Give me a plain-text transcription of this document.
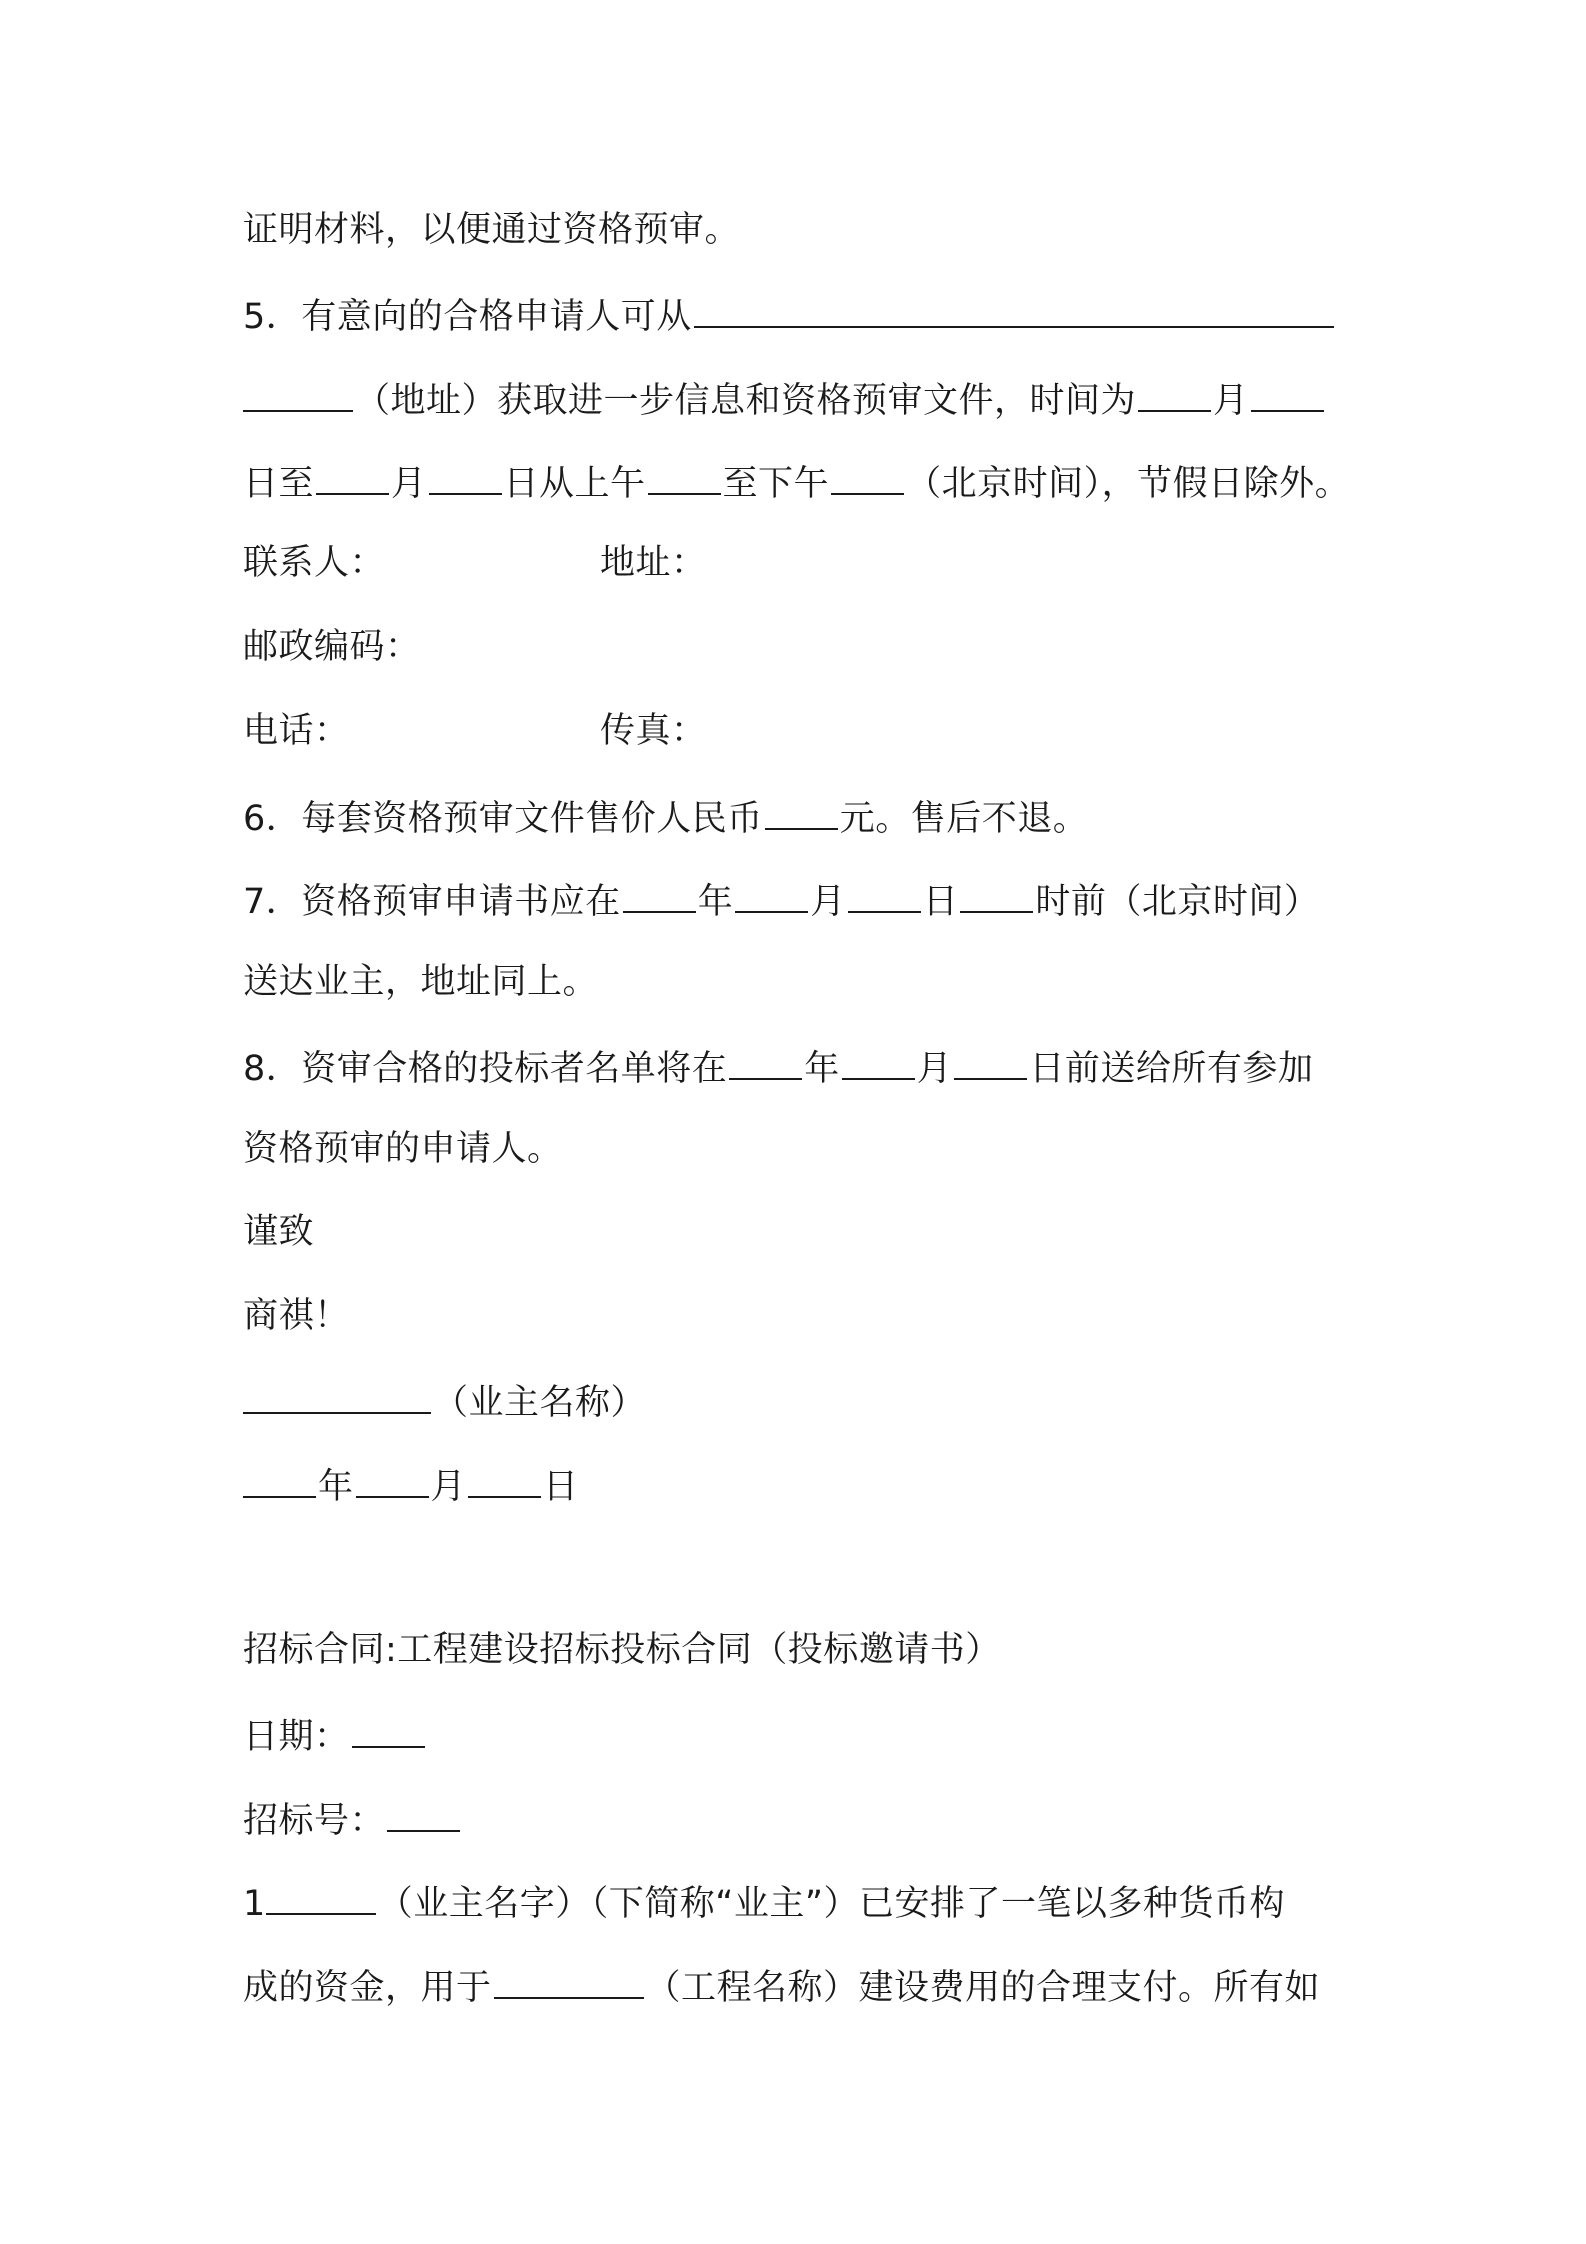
证明材料，以便通过资格预审。
5．有意向的合格申请人可从
（地址）获取进一步信息和资格预审文件，时间为 月
日至 月 日从上午 至下午 （北京时间），节假日除外。
联系人：	地址：
邮政编码：
电话：	传真：
6．每套资格预审文件售价人民币 元。售后不退。
7．资格预审申请书应在 年 月 日 时前（北京时间）
送达业主，地址同上。
8．资审合格的投标者名单将在 年 月 日前送给所有参加
资格预审的申请人。
谨致
商祺！
（业主名称）
年 月 日
招标合同:工程建设招标投标合同（投标邀请书）
日期：
招标号：
1	（业主名字）（下简称“业主”）已安排了一笔以多种货币构
成的资金，用于	（工程名称）建设费用的合理支付。所有如
